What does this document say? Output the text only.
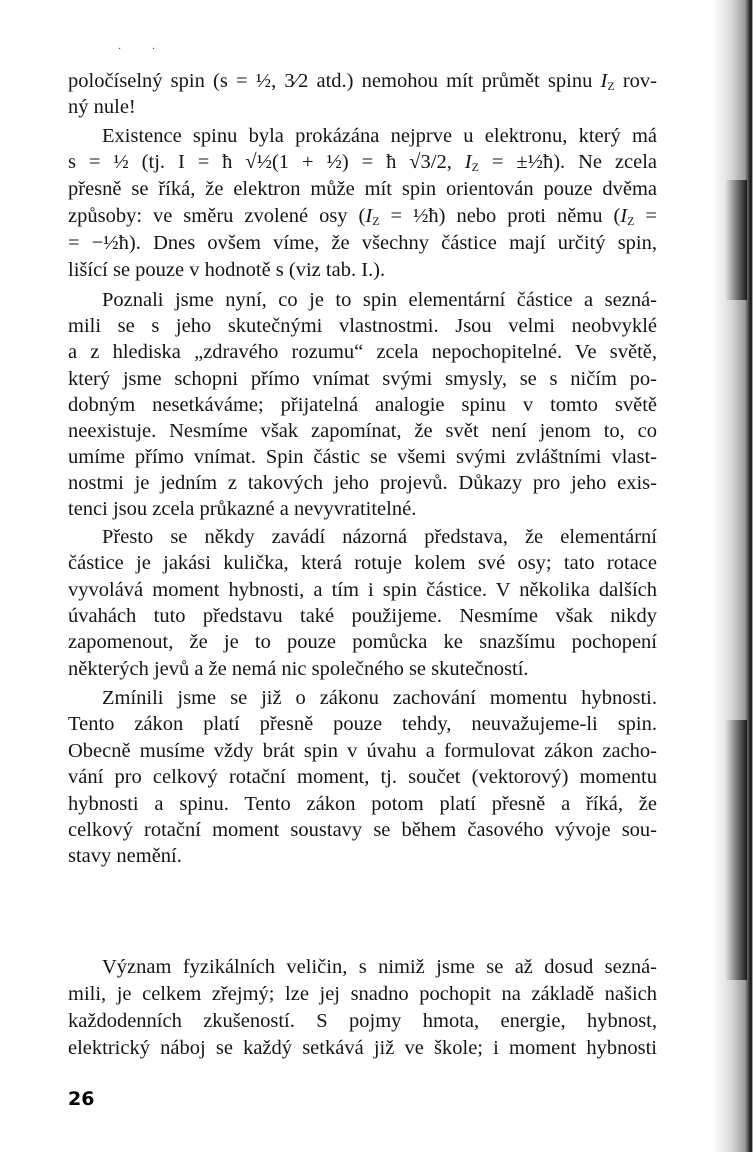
· ·
poločíselný spin (s = ½, 3⁄2 atd.) nemohou mít průmět spinu $I_Z$ rov-
ný nule!
Existence spinu byla prokázána nejprve u elektronu, který má
s = ½ (tj. I = ħ √½(1 + ½) = ħ √3/2, $I_Z$ = ±½ħ). Ne zcela
přesně se říká, že elektron může mít spin orientován pouze dvěma
způsoby: ve směru zvolené osy ($I_Z$ = ½ħ) nebo proti němu ($I_Z$ =
= −½ħ). Dnes ovšem víme, že všechny částice mají určitý spin,
lišící se pouze v hodnotě s (viz tab. I.).
Poznali jsme nyní, co je to spin elementární částice a sezná-
mili se s jeho skutečnými vlastnostmi. Jsou velmi neobvyklé
a z hlediska „zdravého rozumu“ zcela nepochopitelné. Ve světě,
který jsme schopni přímo vnímat svými smysly, se s ničím po-
dobným nesetkáváme; přijatelná analogie spinu v tomto světě
neexistuje. Nesmíme však zapomínat, že svět není jenom to, co
umíme přímo vnímat. Spin částic se všemi svými zvláštními vlast-
nostmi je jedním z takových jeho projevů. Důkazy pro jeho exis-
tenci jsou zcela průkazné a nevyvratitelné.
Přesto se někdy zavádí názorná představa, že elementární
částice je jakási kulička, která rotuje kolem své osy; tato rotace
vyvolává moment hybnosti, a tím i spin částice. V několika dalších
úvahách tuto představu také použijeme. Nesmíme však nikdy
zapomenout, že je to pouze pomůcka ke snazšímu pochopení
některých jevů a že nemá nic společného se skutečností.
Zmínili jsme se již o zákonu zachování momentu hybnosti.
Tento zákon platí přesně pouze tehdy, neuvažujeme-li spin.
Obecně musíme vždy brát spin v úvahu a formulovat zákon zacho-
vání pro celkový rotační moment, tj. součet (vektorový) momentu
hybnosti a spinu. Tento zákon potom platí přesně a říká, že
celkový rotační moment soustavy se během časového vývoje sou-
stavy nemění.
Význam fyzikálních veličin, s nimiž jsme se až dosud sezná-
mili, je celkem zřejmý; lze jej snadno pochopit na základě našich
každodenních zkušeností. S pojmy hmota, energie, hybnost,
elektrický náboj se každý setkává již ve škole; i moment hybnosti
26
